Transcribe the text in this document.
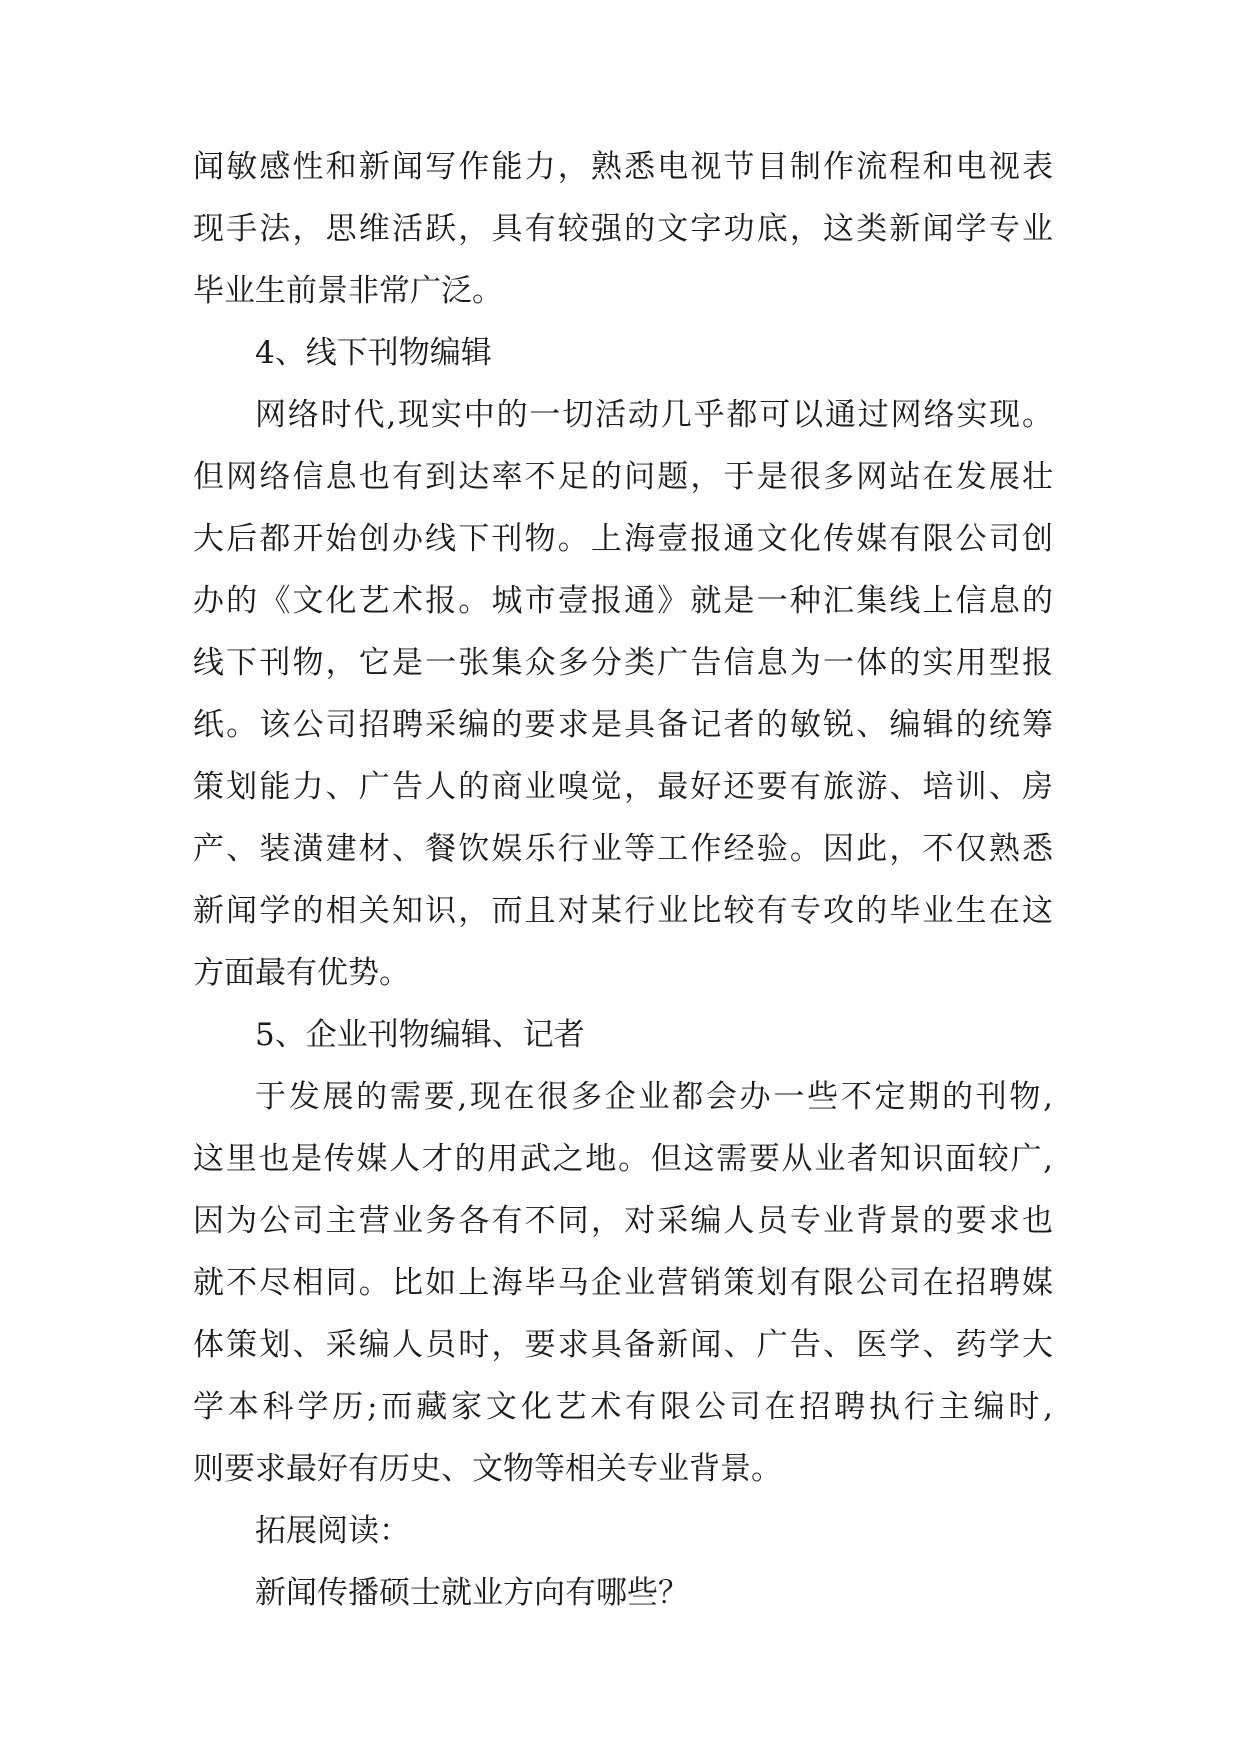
闻敏感性和新闻写作能力，熟悉电视节目制作流程和电视表
现手法，思维活跃，具有较强的文字功底，这类新闻学专业
毕业生前景非常广泛。
4、线下刊物编辑
网络时代,现实中的一切活动几乎都可以通过网络实现。
但网络信息也有到达率不足的问题，于是很多网站在发展壮
大后都开始创办线下刊物。上海壹报通文化传媒有限公司创
办的《文化艺术报。城市壹报通》就是一种汇集线上信息的
线下刊物，它是一张集众多分类广告信息为一体的实用型报
纸。该公司招聘采编的要求是具备记者的敏锐、编辑的统筹
策划能力、广告人的商业嗅觉，最好还要有旅游、培训、房
产、装潢建材、餐饮娱乐行业等工作经验。因此，不仅熟悉
新闻学的相关知识，而且对某行业比较有专攻的毕业生在这
方面最有优势。
5、企业刊物编辑、记者
于发展的需要,现在很多企业都会办一些不定期的刊物,
这里也是传媒人才的用武之地。但这需要从业者知识面较广,
因为公司主营业务各有不同，对采编人员专业背景的要求也
就不尽相同。比如上海毕马企业营销策划有限公司在招聘媒
体策划、采编人员时，要求具备新闻、广告、医学、药学大
学本科学历;而藏家文化艺术有限公司在招聘执行主编时,
则要求最好有历史、文物等相关专业背景。
拓展阅读：
新闻传播硕士就业方向有哪些？
